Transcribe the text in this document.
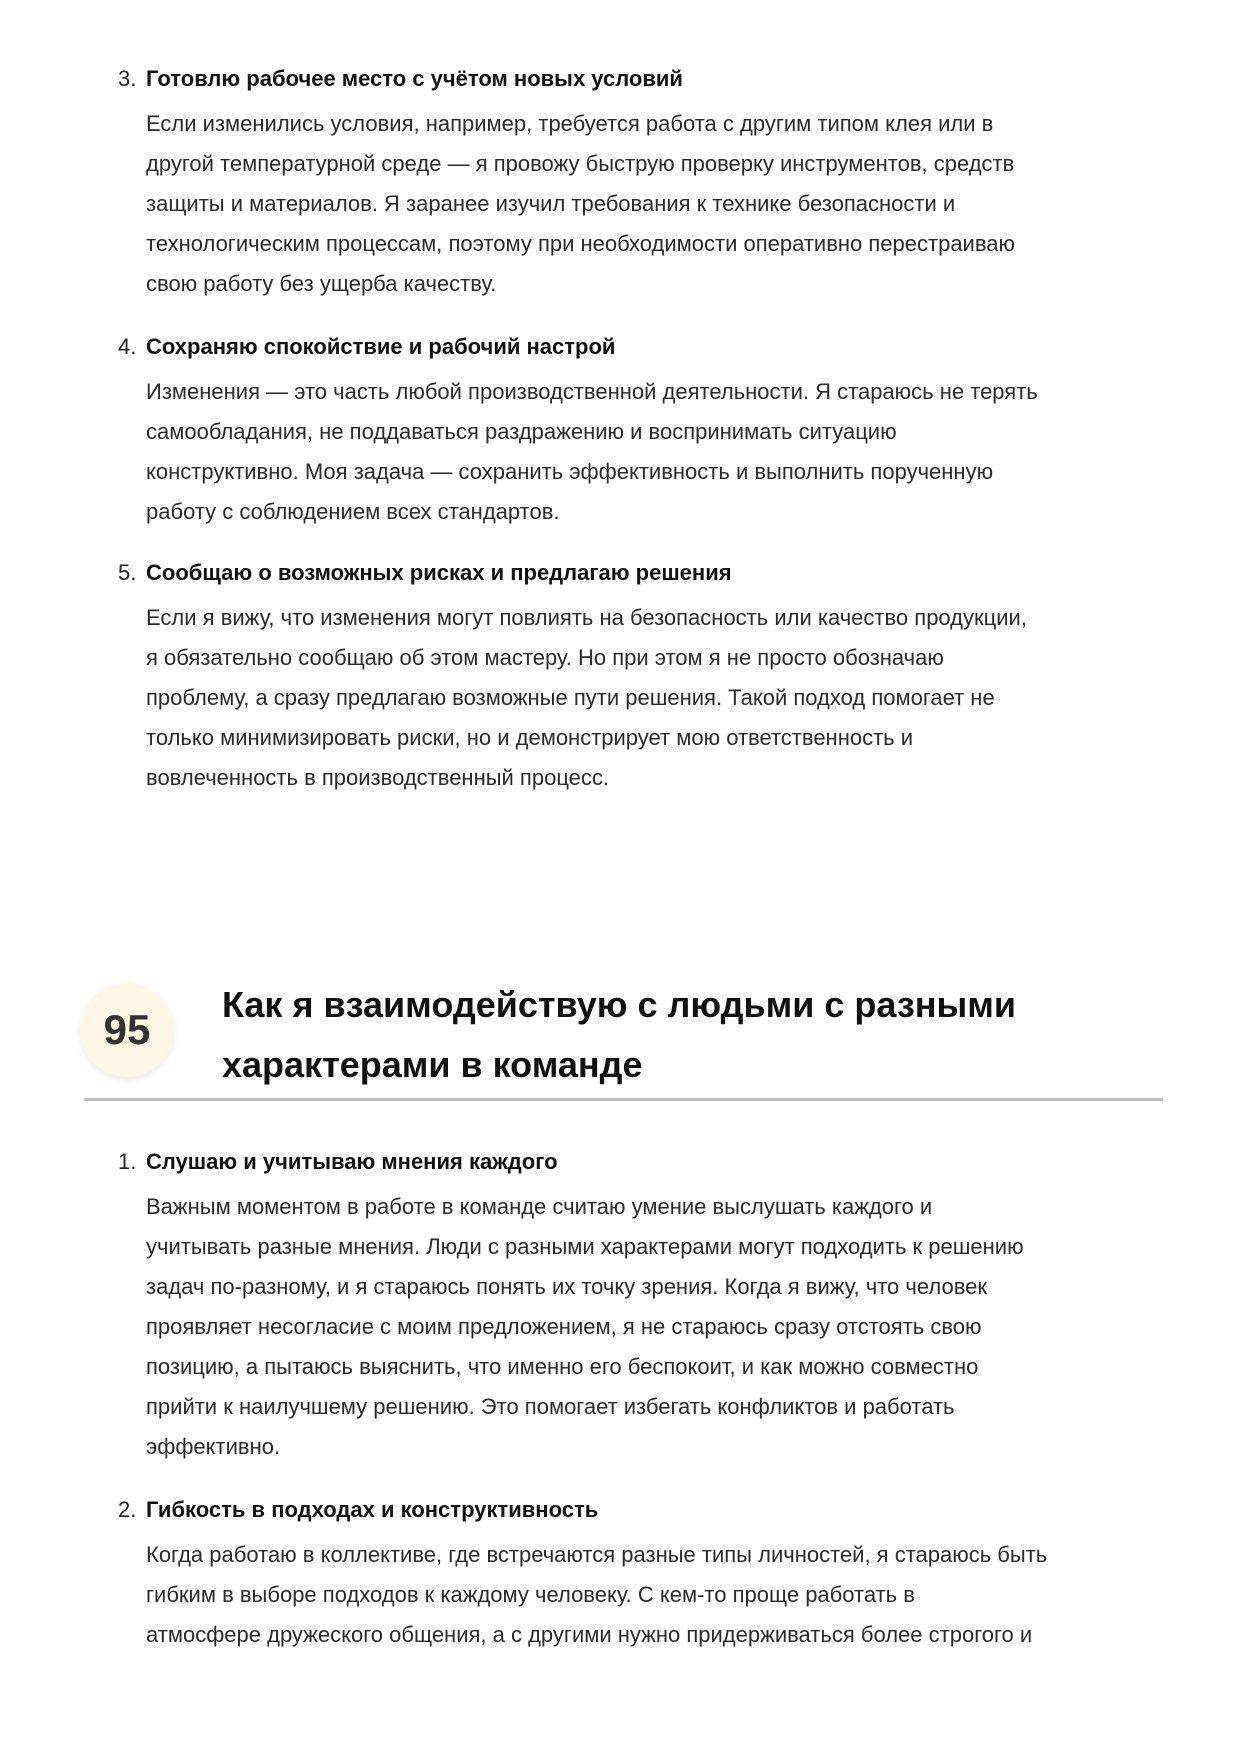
3. Готовлю рабочее место с учётом новых условий
Если изменились условия, например, требуется работа с другим типом клея или в
другой температурной среде — я провожу быструю проверку инструментов, средств
защиты и материалов. Я заранее изучил требования к технике безопасности и
технологическим процессам, поэтому при необходимости оперативно перестраиваю
свою работу без ущерба качеству.
4. Сохраняю спокойствие и рабочий настрой
Изменения — это часть любой производственной деятельности. Я стараюсь не терять
самообладания, не поддаваться раздражению и воспринимать ситуацию
конструктивно. Моя задача — сохранить эффективность и выполнить порученную
работу с соблюдением всех стандартов.
5. Сообщаю о возможных рисках и предлагаю решения
Если я вижу, что изменения могут повлиять на безопасность или качество продукции,
я обязательно сообщаю об этом мастеру. Но при этом я не просто обозначаю
проблему, а сразу предлагаю возможные пути решения. Такой подход помогает не
только минимизировать риски, но и демонстрирует мою ответственность и
вовлеченность в производственный процесс.
95
Как я взаимодействую с людьми с разными
характерами в команде
1. Слушаю и учитываю мнения каждого
Важным моментом в работе в команде считаю умение выслушать каждого и
учитывать разные мнения. Люди с разными характерами могут подходить к решению
задач по-разному, и я стараюсь понять их точку зрения. Когда я вижу, что человек
проявляет несогласие с моим предложением, я не стараюсь сразу отстоять свою
позицию, а пытаюсь выяснить, что именно его беспокоит, и как можно совместно
прийти к наилучшему решению. Это помогает избегать конфликтов и работать
эффективно.
2. Гибкость в подходах и конструктивность
Когда работаю в коллективе, где встречаются разные типы личностей, я стараюсь быть
гибким в выборе подходов к каждому человеку. С кем-то проще работать в
атмосфере дружеского общения, а с другими нужно придерживаться более строгого и
